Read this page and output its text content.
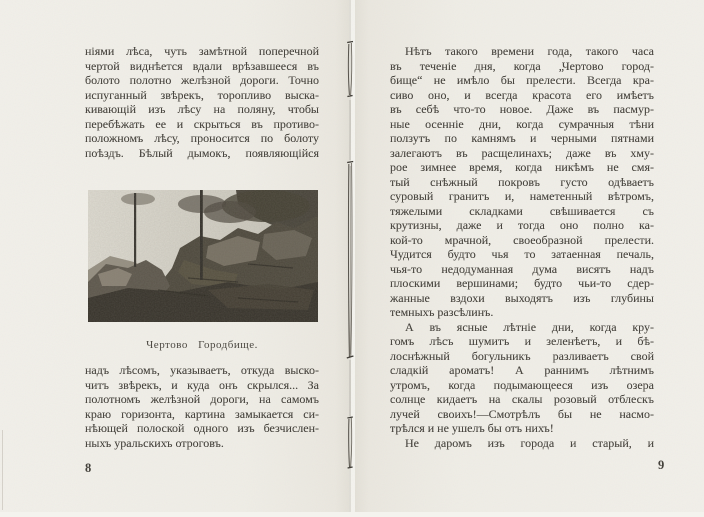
ніями лѣса, чуть замѣтной поперечной
чертой виднѣется вдали врѣзавшееся въ
болото полотно желѣзной дороги. Точно
испуганный звѣрекъ, торопливо выска-
кивающій изъ лѣсу на поляну, чтобы
перебѣжать ее и скрыться въ противо-
положномъ лѣсу, проносится по болоту
поѣздъ. Бѣлый дымокъ, появляющійся
Чертово Городбище.
надъ лѣсомъ, указываетъ, откуда выско-
читъ звѣрекъ, и куда онъ скрылся... За
полотномъ желѣзной дороги, на самомъ
краю горизонта, картина замыкается си-
нѣющей полоской одного изъ безчислен-
ныхъ уральскихъ отроговъ.
8
Нѣтъ такого времени года, такого часа
въ теченіе дня, когда „Чертово город-
бище“ не имѣло бы прелести. Всегда кра-
сиво оно, и всегда красота его имѣетъ
въ себѣ что-то новое. Даже въ пасмур-
ные осенніе дни, когда сумрачныя тѣни
ползутъ по камнямъ и черными пятнами
залегаютъ въ расщелинахъ; даже въ хму-
рое зимнее время, когда никѣмъ не смя-
тый снѣжный покровъ густо одѣваетъ
суровый гранитъ и, наметенный вѣтромъ,
тяжелыми складками свѣшивается съ
крутизны, даже и тогда оно полно ка-
кой-то мрачной, своеобразной прелести.
Чудится будто чья то затаенная печаль,
чья-то недодуманная дума висятъ надъ
плоскими вершинами; будто чьи-то сдер-
жанные вздохи выходятъ изъ глубины
темныхъ разсѣлинъ.
А въ ясные лѣтніе дни, когда кру-
гомъ лѣсъ шумитъ и зеленѣетъ, и бѣ-
лоснѣжный богульникъ разливаетъ свой
сладкій ароматъ! А раннимъ лѣтнимъ
утромъ, когда подымающееся изъ озера
солнце кидаетъ на скалы розовый отблескъ
лучей своихъ!—Смотрѣлъ бы не насмо-
трѣлся и не ушелъ бы отъ нихъ!
Не даромъ изъ города и старый, и
9
